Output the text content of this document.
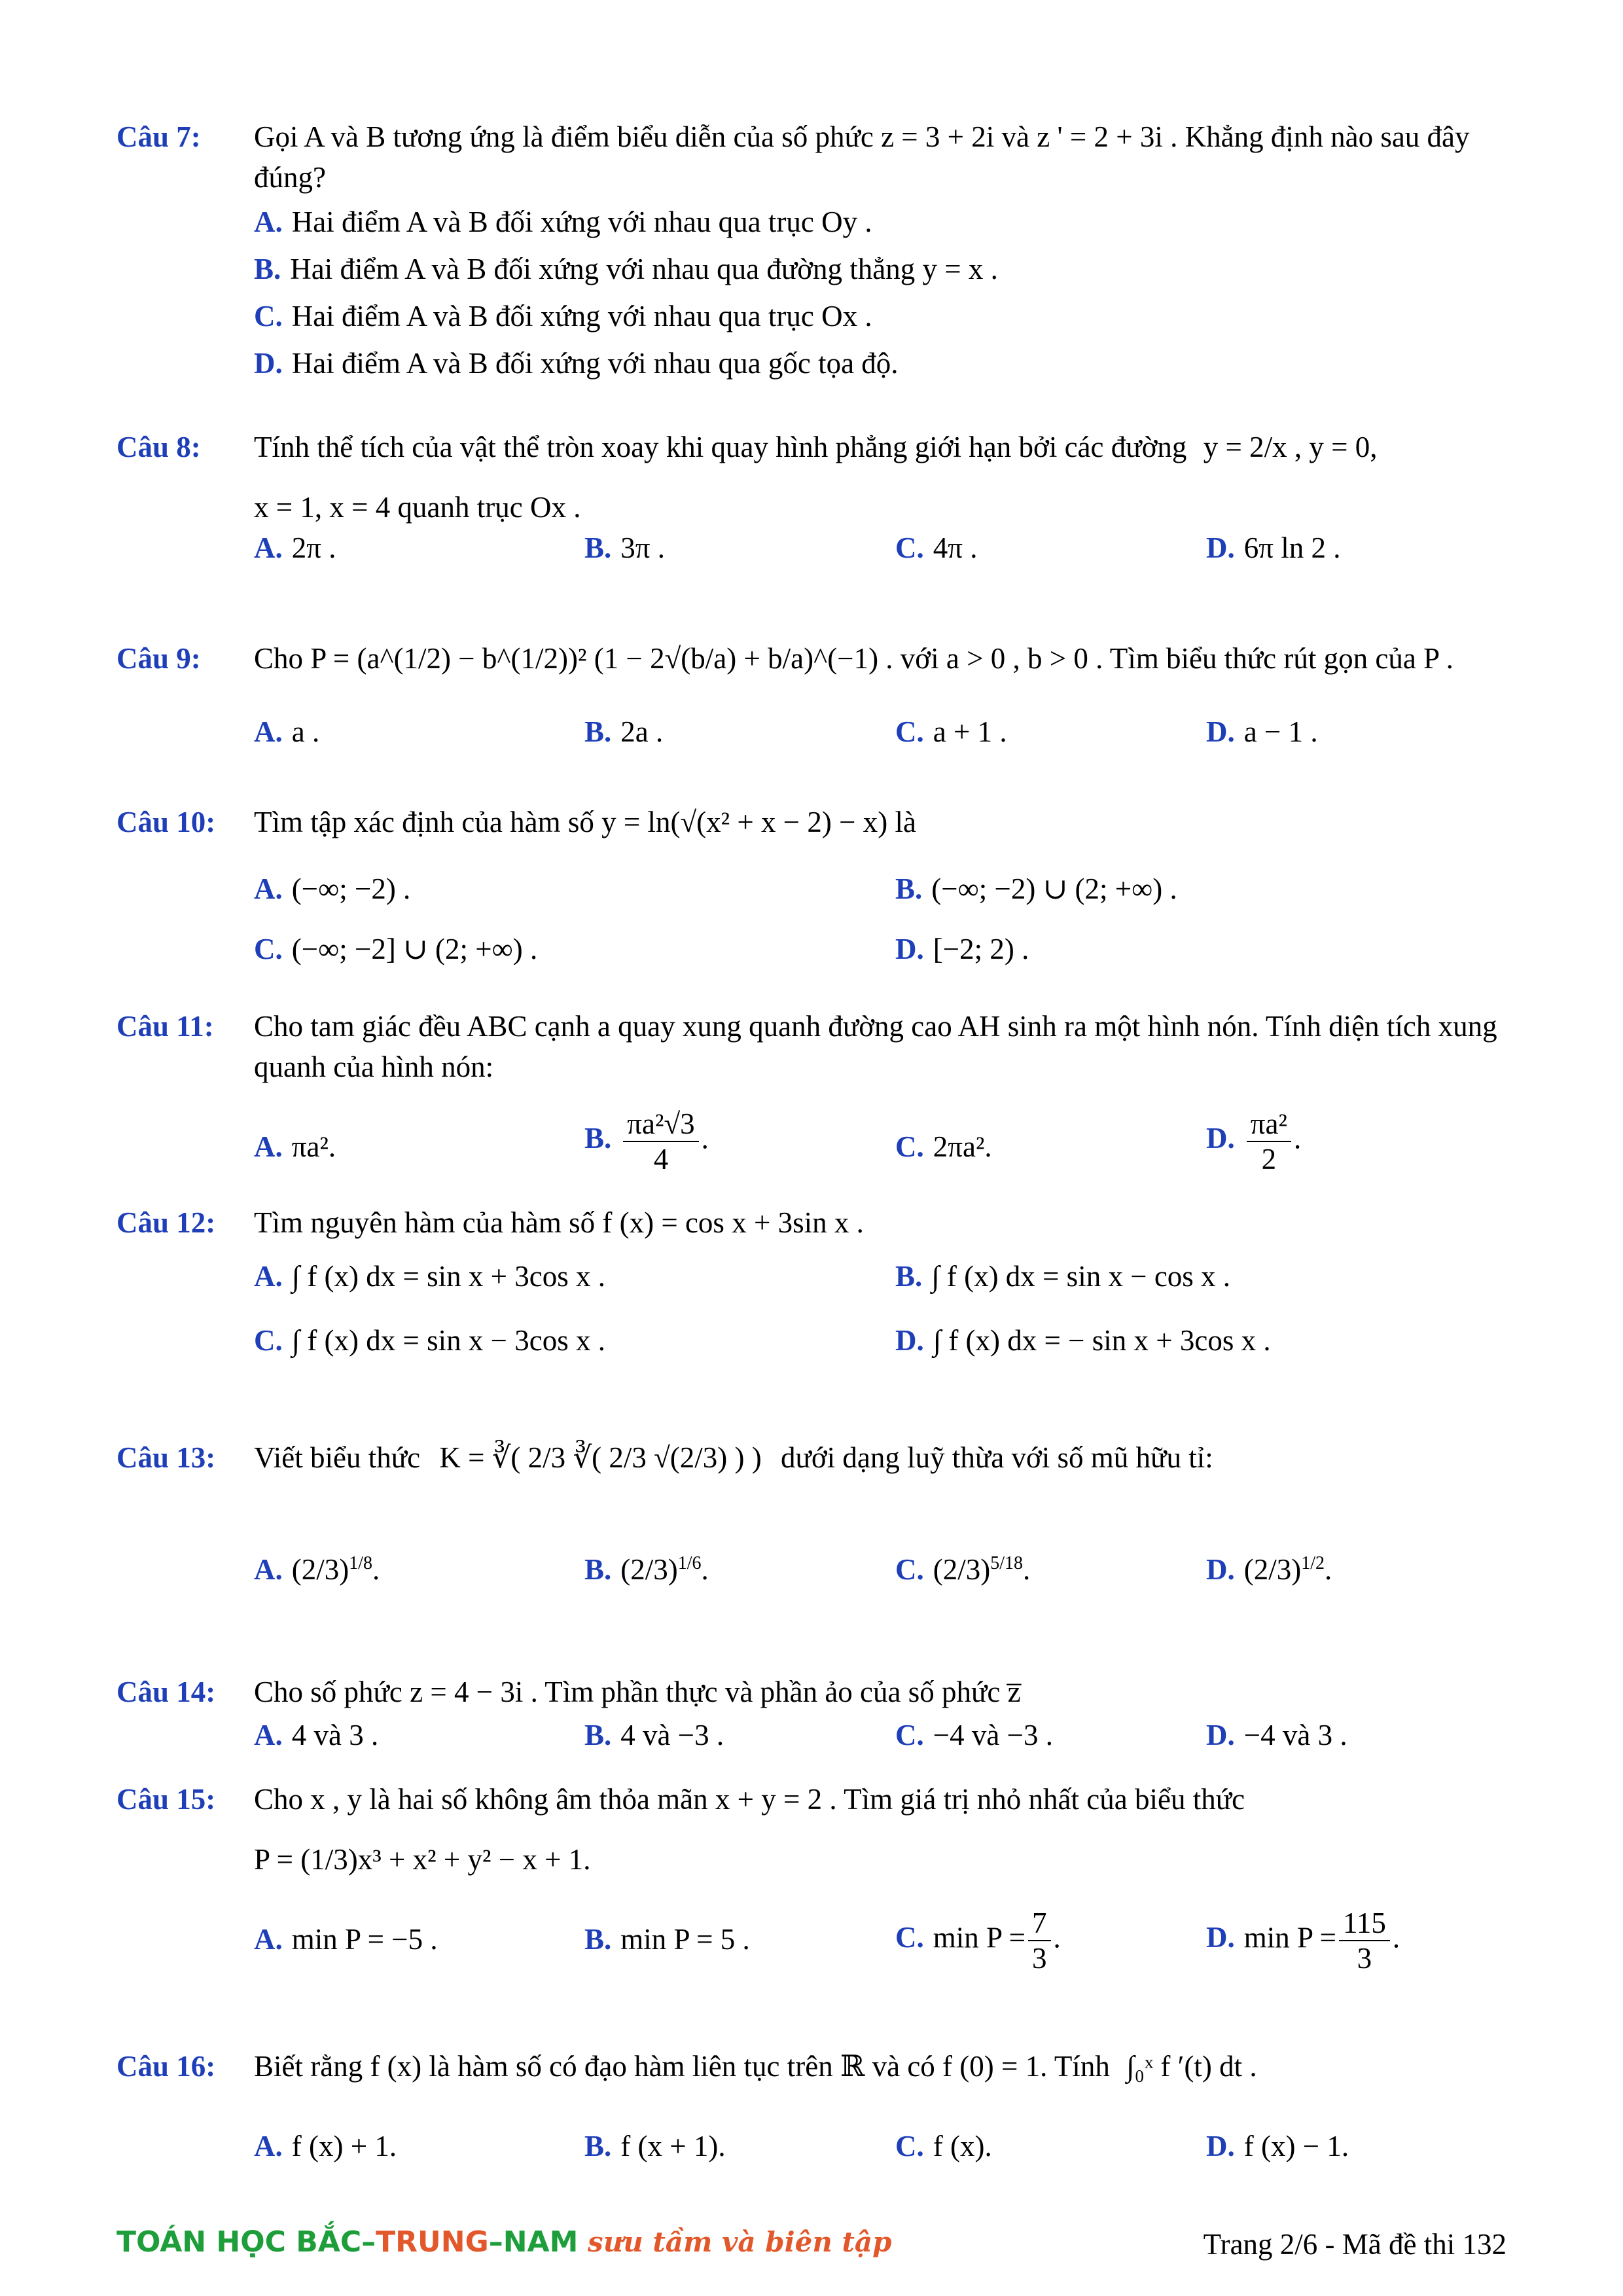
Câu 7: Gọi A và B tương ứng là điểm biểu diễn của số phức z = 3 + 2i và z ' = 2 + 3i . Khẳng định nào sau đây đúng?
A. Hai điểm A và B đối xứng với nhau qua trục Oy .
B. Hai điểm A và B đối xứng với nhau qua đường thẳng y = x .
C. Hai điểm A và B đối xứng với nhau qua trục Ox .
D. Hai điểm A và B đối xứng với nhau qua gốc tọa độ.
Câu 8: Tính thể tích của vật thể tròn xoay khi quay hình phẳng giới hạn bởi các đường y = 2/x , y = 0,
x = 1, x = 4 quanh trục Ox .
A. 2π .	B. 3π .	C. 4π .	D. 6π ln 2 .
Câu 9: Cho P = (a^(1/2) − b^(1/2))² (1 − 2√(b/a) + b/a)^(−1) . với a > 0 , b > 0 . Tìm biểu thức rút gọn của P .
A. a .	B. 2a .	C. a + 1 .	D. a − 1 .
Câu 10: Tìm tập xác định của hàm số y = ln(√(x² + x − 2) − x) là
A. (−∞; −2) .	B. (−∞; −2) ∪ (2; +∞) .
C. (−∞; −2] ∪ (2; +∞) .	D. [−2; 2) .
Câu 11: Cho tam giác đều ABC cạnh a quay xung quanh đường cao AH sinh ra một hình nón. Tính diện tích xung quanh của hình nón:
A. πa².	B. $\frac{\text{πa²√3}}{4}$ .	C. 2πa².	D. $\frac{\text{πa²}}{2}$ .
Câu 12: Tìm nguyên hàm của hàm số f (x) = cos x + 3sin x .
A. ∫ f (x) dx = sin x + 3cos x .	B. ∫ f (x) dx = sin x − cos x .
C. ∫ f (x) dx = sin x − 3cos x .	D. ∫ f (x) dx = − sin x + 3cos x .
Câu 13: Viết biểu thức K = ∛( 2/3 ∛( 2/3 √(2/3) ) ) dưới dạng luỹ thừa với số mũ hữu tỉ:
A. $(2/3)^{1/8}$.	B. $(2/3)^{1/6}$.	C. $(2/3)^{5/18}$.	D. $(2/3)^{1/2}$.
Câu 14: Cho số phức z = 4 − 3i . Tìm phần thực và phần ảo của số phức z̅
A. 4 và 3 .	B. 4 và −3 .	C. −4 và −3 .	D. −4 và 3 .
Câu 15: Cho x , y là hai số không âm thỏa mãn x + y = 2 . Tìm giá trị nhỏ nhất của biểu thức
P = (1/3)x³ + x² + y² − x + 1.
A. min P = −5 .	B. min P = 5 .	C. $\min P = \frac{7}{3}$ .	D. $\min P = \frac{115}{3}$ .
Câu 16: Biết rằng f (x) là hàm số có đạo hàm liên tục trên ℝ và có f (0) = 1. Tính ∫₀ˣ f ′(t) dt .
A. f (x) + 1.	B. f (x + 1).	C. f (x).	D. f (x) − 1.
TOÁN HỌC BẮC–TRUNG–NAM sưu tầm và biên tập	Trang 2/6 - Mã đề thi 132
